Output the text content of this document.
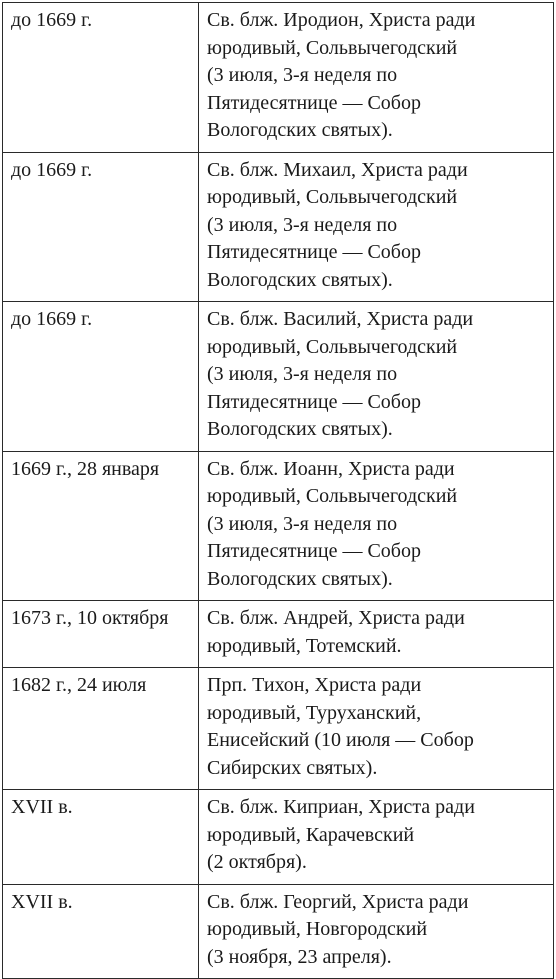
до 1669 г.	Св. блж. Иродион, Христа ради
юродивый, Сольвычегодский
(3 июля, 3-я неделя по
Пятидесятнице — Собор
Вологодских святых).
до 1669 г.	Св. блж. Михаил, Христа ради
юродивый, Сольвычегодский
(3 июля, 3-я неделя по
Пятидесятнице — Собор
Вологодских святых).
до 1669 г.	Св. блж. Василий, Христа ради
юродивый, Сольвычегодский
(3 июля, 3-я неделя по
Пятидесятнице — Собор
Вологодских святых).
1669 г., 28 января	Св. блж. Иоанн, Христа ради
юродивый, Сольвычегодский
(3 июля, 3-я неделя по
Пятидесятнице — Собор
Вологодских святых).
1673 г., 10 октября	Св. блж. Андрей, Христа ради
юродивый, Тотемский.
1682 г., 24 июля	Прп. Тихон, Христа ради
юродивый, Туруханский,
Енисейский (10 июля — Собор
Сибирских святых).
XVII в.	Св. блж. Киприан, Христа ради
юродивый, Карачевский
(2 октября).
XVII в.	Св. блж. Георгий, Христа ради
юродивый, Новгородский
(3 ноября, 23 апреля).
